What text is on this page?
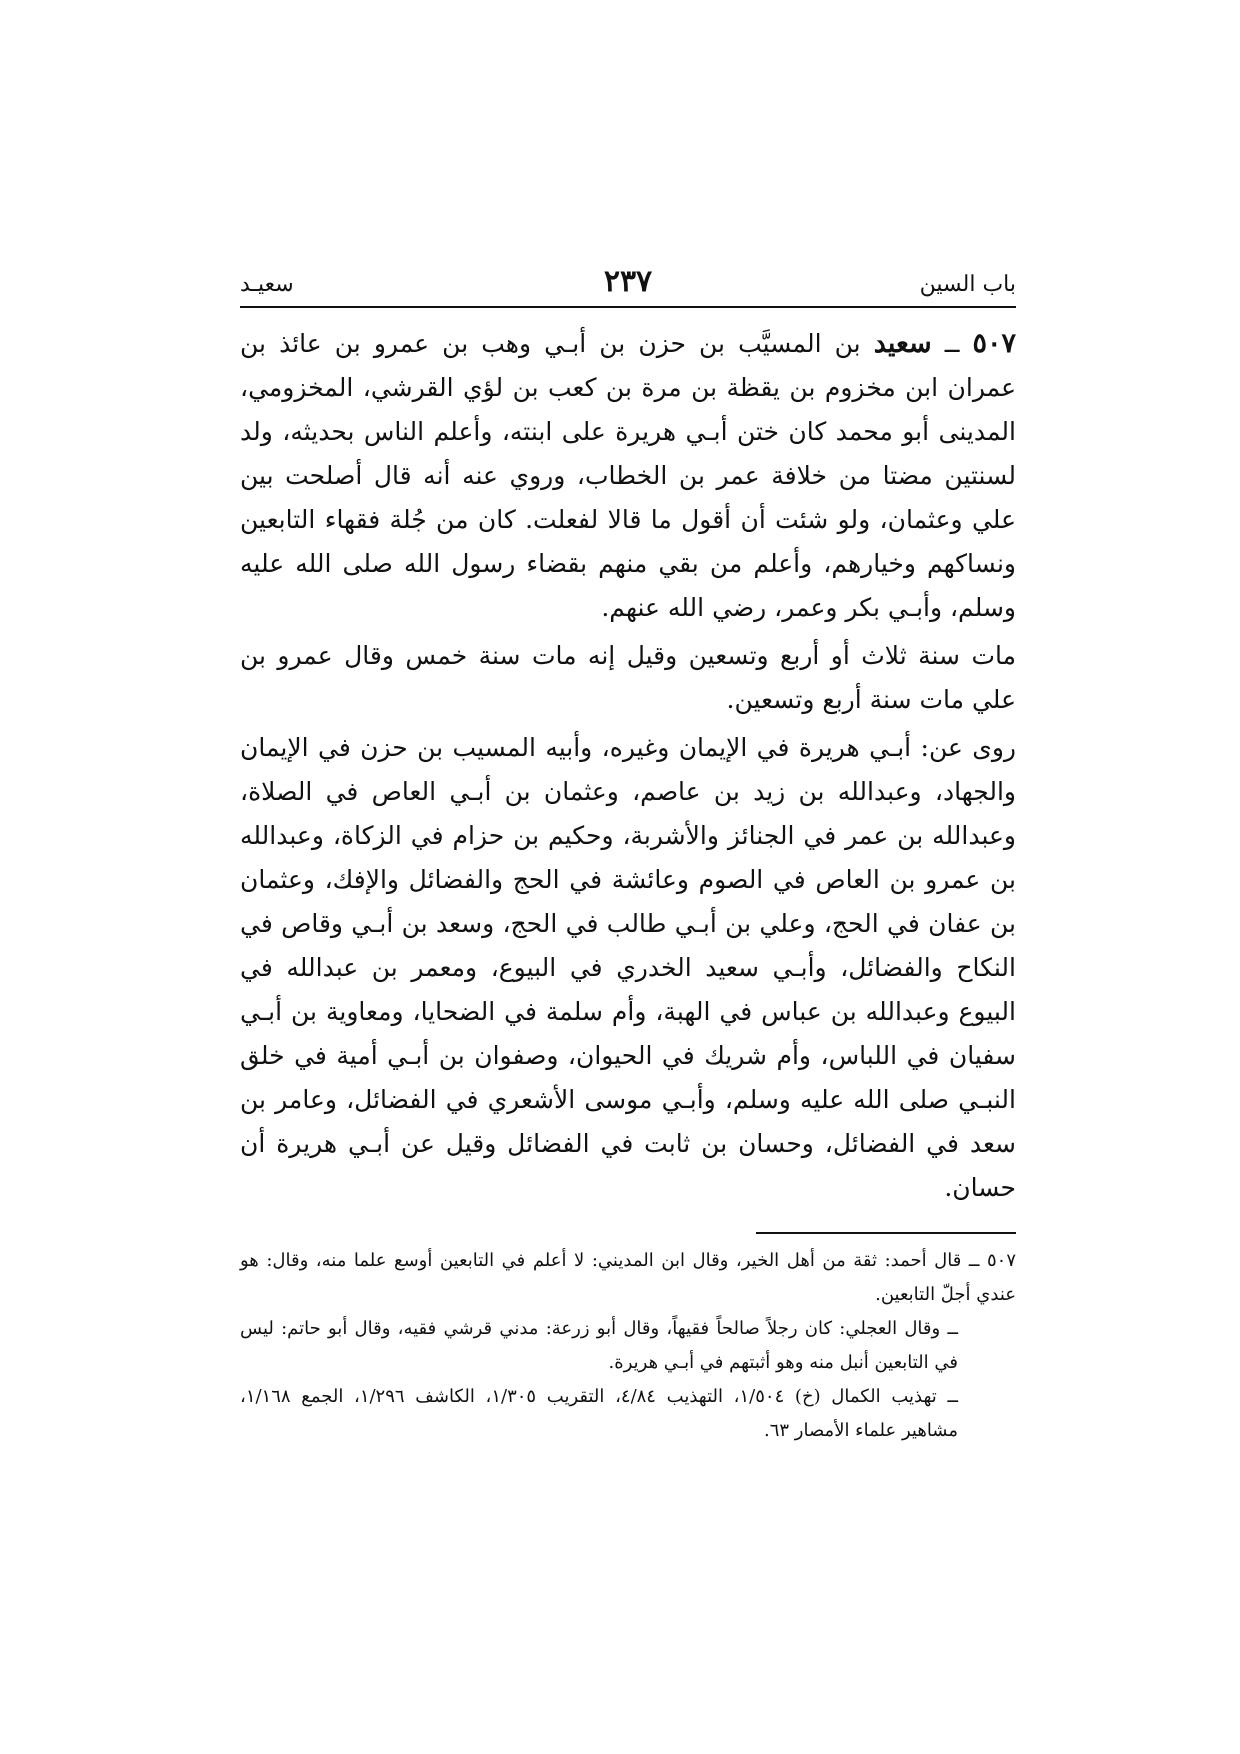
باب السين
٢٣٧
سعيـد

٥٠٧ ــ سعيد بن المسيَّب بن حزن بن أبـي وهب بن عمرو بن عائذ بن عمران ابن مخزوم بن يقظة بن مرة بن كعب بن لؤي القرشي، المخزومي، المدينى أبو محمد كان ختن أبـي هريرة على ابنته، وأعلم الناس بحديثه، ولد لسنتين مضتا من خلافة عمر بن الخطاب، وروي عنه أنه قال أصلحت بين علي وعثمان، ولو شئت أن أقول ما قالا لفعلت. كان من جُلة فقهاء التابعين ونساكهم وخيارهم، وأعلم من بقي منهم بقضاء رسول الله صلى الله عليه وسلم، وأبـي بكر وعمر، رضي الله عنهم.

مات سنة ثلاث أو أربع وتسعين وقيل إنه مات سنة خمس وقال عمرو بن علي مات سنة أربع وتسعين.

روى عن: أبـي هريرة في الإيمان وغيره، وأبيه المسيب بن حزن في الإيمان والجهاد، وعبدالله بن زيد بن عاصم، وعثمان بن أبـي العاص في الصلاة، وعبدالله بن عمر في الجنائز والأشربة، وحكيم بن حزام في الزكاة، وعبدالله بن عمرو بن العاص في الصوم وعائشة في الحج والفضائل والإفك، وعثمان بن عفان في الحج، وعلي بن أبـي طالب في الحج، وسعد بن أبـي وقاص في النكاح والفضائل، وأبـي سعيد الخدري في البيوع، ومعمر بن عبدالله في البيوع وعبدالله بن عباس في الهبة، وأم سلمة في الضحايا، ومعاوية بن أبـي سفيان في اللباس، وأم شريك في الحيوان، وصفوان بن أبـي أمية في خلق النبـي صلى الله عليه وسلم، وأبـي موسى الأشعري في الفضائل، وعامر بن سعد في الفضائل، وحسان بن ثابت في الفضائل وقيل عن أبـي هريرة أن حسان.

٥٠٧ ــ قال أحمد: ثقة من أهل الخير، وقال ابن المديني: لا أعلم في التابعين أوسع علما منه، وقال: هو عندي أجلّ التابعين.

ــ وقال العجلي: كان رجلاً صالحاً فقيهاً، وقال أبو زرعة: مدني قرشي فقيه، وقال أبو حاتم: ليس في التابعين أنبل منه وهو أثبتهم في أبـي هريرة.

ــ تهذيب الكمال (خ) ١/٥٠٤، التهذيب ٤/٨٤، التقريب ١/٣٠٥، الكاشف ١/٢٩٦، الجمع ١/١٦٨، مشاهير علماء الأمصار ٦٣.
